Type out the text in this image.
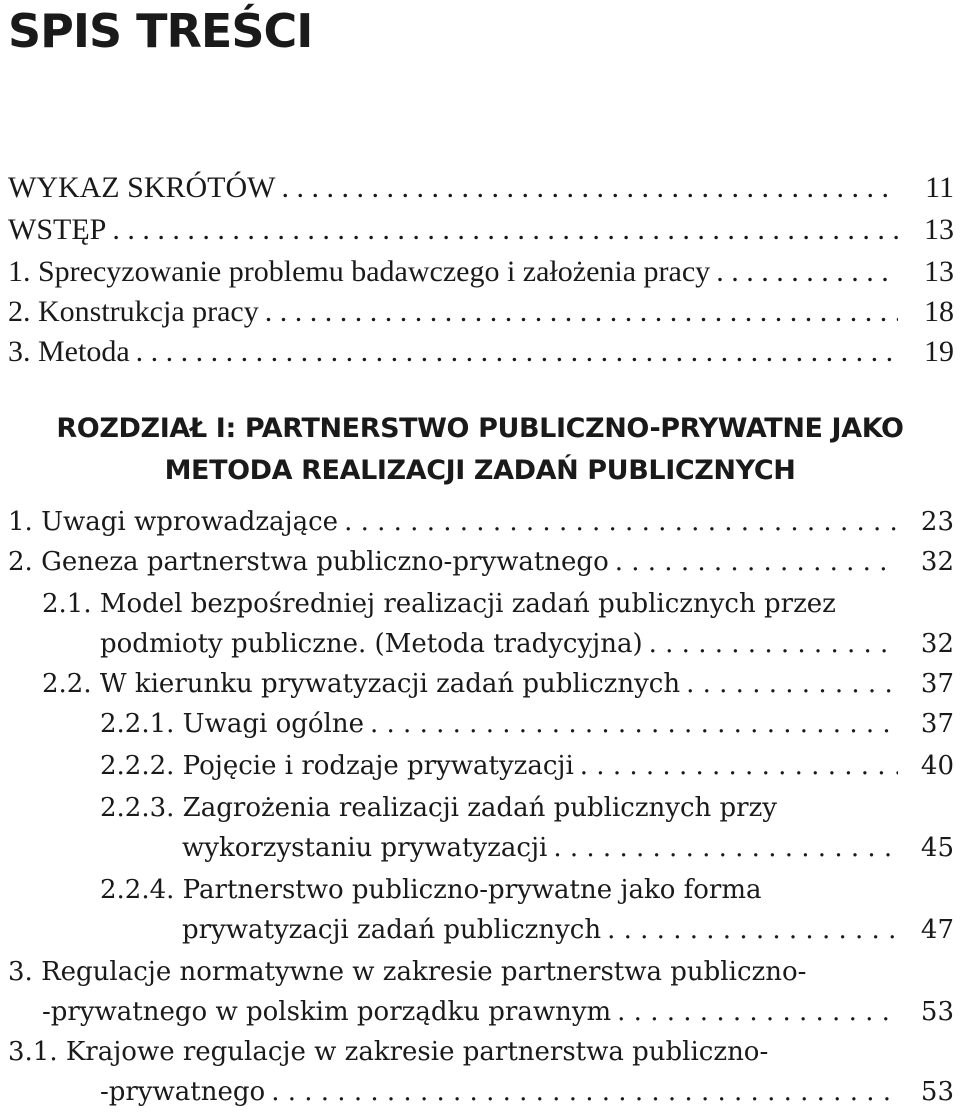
SPIS TREŚCI
WYKAZ SKRÓTÓW . . .	11
WSTĘP . . .	13
1. Sprecyzowanie problemu badawczego i założenia pracy . . .	13
2. Konstrukcja pracy . . .	18
3. Metoda . . .	19
ROZDZIAŁ I: PARTNERSTWO PUBLICZNO-PRYWATNE JAKO
METODA REALIZACJI ZADAŃ PUBLICZNYCH
1. Uwagi wprowadzające . . .	23
2. Geneza partnerstwa publiczno-prywatnego . . .	32
2.1. Model bezpośredniej realizacji zadań publicznych przez
podmioty publiczne. (Metoda tradycyjna) . . .	32
2.2. W kierunku prywatyzacji zadań publicznych . . .	37
2.2.1. Uwagi ogólne . . .	37
2.2.2. Pojęcie i rodzaje prywatyzacji . . .	40
2.2.3. Zagrożenia realizacji zadań publicznych przy
wykorzystaniu prywatyzacji . . .	45
2.2.4. Partnerstwo publiczno-prywatne jako forma
prywatyzacji zadań publicznych . . .	47
3. Regulacje normatywne w zakresie partnerstwa publiczno-
-prywatnego w polskim porządku prawnym . . .	53
3.1. Krajowe regulacje w zakresie partnerstwa publiczno-
-prywatnego . . .	53
